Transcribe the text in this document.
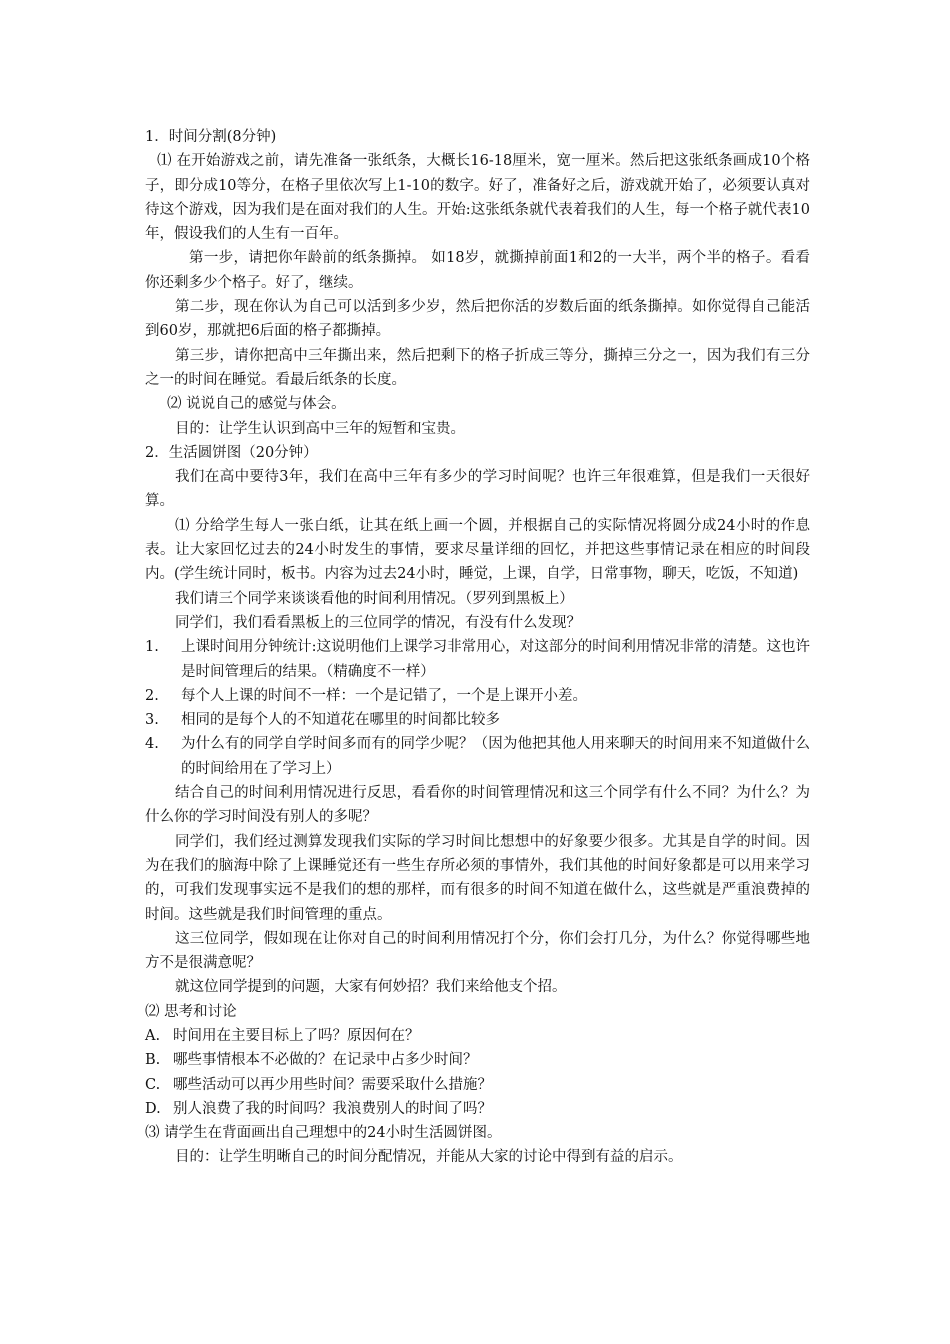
1．时间分割(8分钟)

⑴ 在开始游戏之前，请先准备一张纸条，大概长16-18厘米，宽一厘米。然后把这张纸条画成10个格子，即分成10等分，在格子里依次写上1-10的数字。好了，准备好之后，游戏就开始了，必须要认真对待这个游戏，因为我们是在面对我们的人生。开始:这张纸条就代表着我们的人生，每一个格子就代表10年，假设我们的人生有一百年。

第一步，请把你年龄前的纸条撕掉。 如18岁，就撕掉前面1和2的一大半，两个半的格子。看看你还剩多少个格子。好了，继续。

第二步，现在你认为自己可以活到多少岁，然后把你活的岁数后面的纸条撕掉。如你觉得自己能活到60岁，那就把6后面的格子都撕掉。

第三步，请你把高中三年撕出来，然后把剩下的格子折成三等分，撕掉三分之一，因为我们有三分之一的时间在睡觉。看最后纸条的长度。

⑵ 说说自己的感觉与体会。

目的：让学生认识到高中三年的短暂和宝贵。

2．生活圆饼图（20分钟）

我们在高中要待3年，我们在高中三年有多少的学习时间呢？也许三年很难算，但是我们一天很好算。

⑴ 分给学生每人一张白纸，让其在纸上画一个圆，并根据自己的实际情况将圆分成24小时的作息表。让大家回忆过去的24小时发生的事情，要求尽量详细的回忆，并把这些事情记录在相应的时间段内。(学生统计同时，板书。内容为过去24小时，睡觉，上课，自学，日常事物，聊天，吃饭，不知道)

我们请三个同学来谈谈看他的时间利用情况。（罗列到黑板上）

同学们，我们看看黑板上的三位同学的情况，有没有什么发现？

1.	上课时间用分钟统计:这说明他们上课学习非常用心，对这部分的时间利用情况非常的清楚。这也许是时间管理后的结果。（精确度不一样）
2.	每个人上课的时间不一样：一个是记错了，一个是上课开小差。
3.	相同的是每个人的不知道花在哪里的时间都比较多
4.	为什么有的同学自学时间多而有的同学少呢？（因为他把其他人用来聊天的时间用来不知道做什么的时间给用在了学习上）

结合自己的时间利用情况进行反思，看看你的时间管理情况和这三个同学有什么不同？为什么？为什么你的学习时间没有别人的多呢？

同学们，我们经过测算发现我们实际的学习时间比想想中的好象要少很多。尤其是自学的时间。因为在我们的脑海中除了上课睡觉还有一些生存所必须的事情外，我们其他的时间好象都是可以用来学习的，可我们发现事实远不是我们的想的那样，而有很多的时间不知道在做什么，这些就是严重浪费掉的时间。这些就是我们时间管理的重点。

这三位同学，假如现在让你对自己的时间利用情况打个分，你们会打几分，为什么？你觉得哪些地方不是很满意呢？

就这位同学提到的问题，大家有何妙招？我们来给他支个招。

⑵ 思考和讨论

A. 时间用在主要目标上了吗？原因何在？
B. 哪些事情根本不必做的？在记录中占多少时间？
C. 哪些活动可以再少用些时间？需要采取什么措施？
D. 别人浪费了我的时间吗？我浪费别人的时间了吗？

⑶ 请学生在背面画出自己理想中的24小时生活圆饼图。

目的：让学生明晰自己的时间分配情况，并能从大家的讨论中得到有益的启示。
